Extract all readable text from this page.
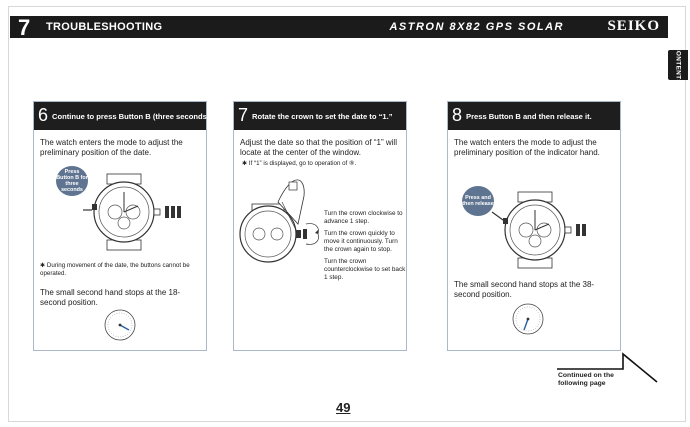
7 TROUBLESHOOTING	ASTRON 8X82 GPS SOLAR	SEIKO
CONTENTS
6 Continue to press Button B (three seconds).
The watch enters the mode to adjust the preliminary position of the date.
Press Button B for three seconds
✱ During movement of the date, the buttons cannot be operated.
The small second hand stops at the 18-second position.
7 Rotate the crown to set the date to “1.”
Adjust the date so that the position of “1” will locate at the center of the window.
✱ If “1” is displayed, go to operation of ⑧.
Turn the crown clockwise to advance 1 step.
Turn the crown quickly to move it continuously. Turn the crown again to stop.
Turn the crown counterclockwise to set back 1 step.
8 Press Button B and then release it.
The watch enters the mode to adjust the preliminary position of the indicator hand.
Press and then release
The small second hand stops at the 38-second position.
Continued on the following page
49
